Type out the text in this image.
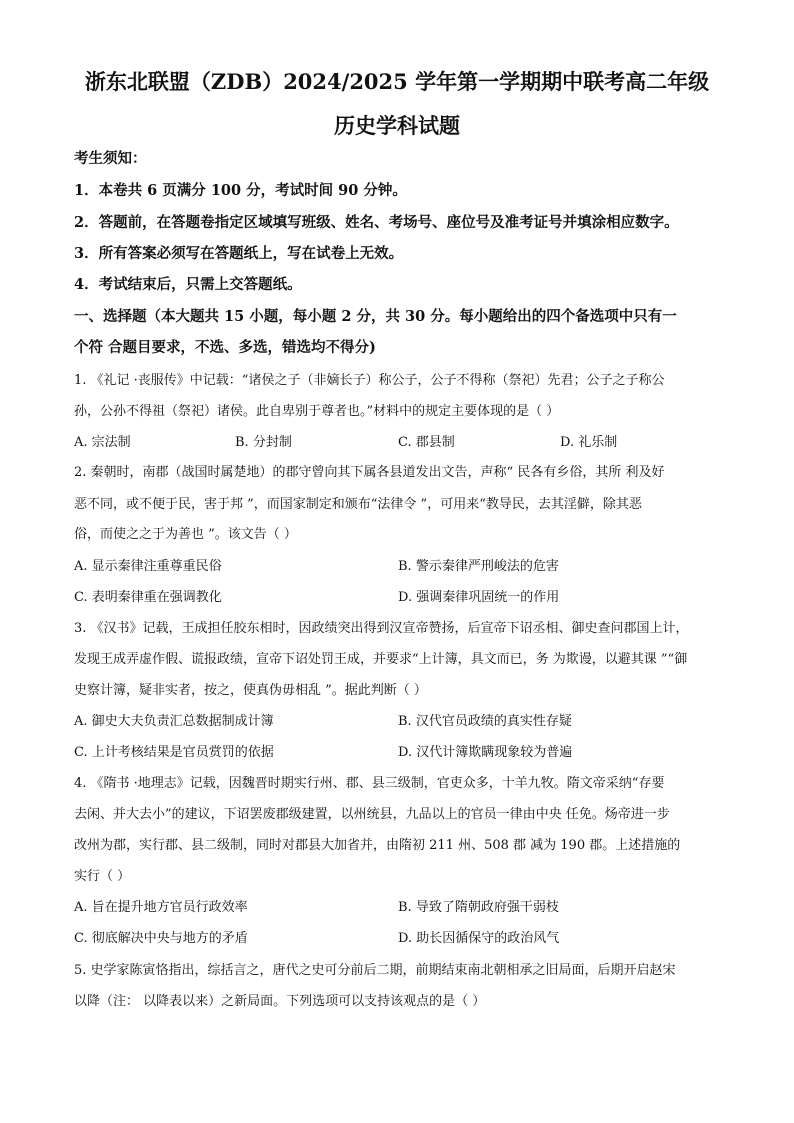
浙东北联盟（ZDB）2024/2025 学年第一学期期中联考高二年级
历史学科试题
考生须知：
1．本卷共 6 页满分 100 分，考试时间 90 分钟。
2．答题前，在答题卷指定区域填写班级、姓名、考场号、座位号及准考证号并填涂相应数字。
3．所有答案必须写在答题纸上，写在试卷上无效。
4．考试结束后，只需上交答题纸。
一、选择题（本大题共 15 小题，每小题 2 分，共 30 分。每小题给出的四个备选项中只有一
个符 合题目要求，不选、多选，错选均不得分)
1. 《礼记 ·丧服传》中记载：“诸侯之子（非嫡长子）称公子，公子不得称（祭祀）先君；公子之子称公
孙，公孙不得祖（祭祀）诸侯。此自卑别于尊者也。”材料中的规定主要体现的是（ ）
A. 宗法制	B. 分封制	C. 郡县制	D. 礼乐制
2. 秦朝时，南郡（战国时属楚地）的郡守曾向其下属各县道发出文告，声称“ 民各有乡俗，其所 利及好
恶不同，或不便于民，害于邦 ”，而国家制定和颁布“法律令 ”，可用来“教导民，去其淫僻，除其恶
俗，而使之之于为善也 ”。该文告（ ）
A. 显示秦律注重尊重民俗	B. 警示秦律严刑峻法的危害
C. 表明秦律重在强调教化	D. 强调秦律巩固统一的作用
3. 《汉书》记载，王成担任胶东相时，因政绩突出得到汉宣帝赞扬，后宣帝下诏丞相、御史查问郡国上计，
发现王成弄虚作假、谎报政绩，宣帝下诏处罚王成，并要求“上计簿，具文而已，务 为欺谩，以避其课 ”“御
史察计簿，疑非实者，按之，使真伪毋相乱 ”。据此判断（ ）
A. 御史大夫负责汇总数据制成计簿	B. 汉代官员政绩的真实性存疑
C. 上计考核结果是官员赏罚的依据	D. 汉代计簿欺瞒现象较为普遍
4. 《隋书 ·地理志》记载，因魏晋时期实行州、郡、县三级制，官吏众多，十羊九牧。隋文帝采纳“存要
去闲、并大去小”的建议，下诏罢废郡级建置，以州统县，九品以上的官员一律由中央 任免。炀帝进一步
改州为郡，实行郡、县二级制，同时对郡县大加省并，由隋初 211 州、508 郡 减为 190 郡。上述措施的
实行（ ）
A. 旨在提升地方官员行政效率	B. 导致了隋朝政府强干弱枝
C. 彻底解决中央与地方的矛盾	D. 助长因循保守的政治风气
5. 史学家陈寅恪指出，综括言之，唐代之史可分前后二期，前期结束南北朝相承之旧局面，后期开启赵宋
以降（注： 以降表以来）之新局面。下列选项可以支持该观点的是（ ）
